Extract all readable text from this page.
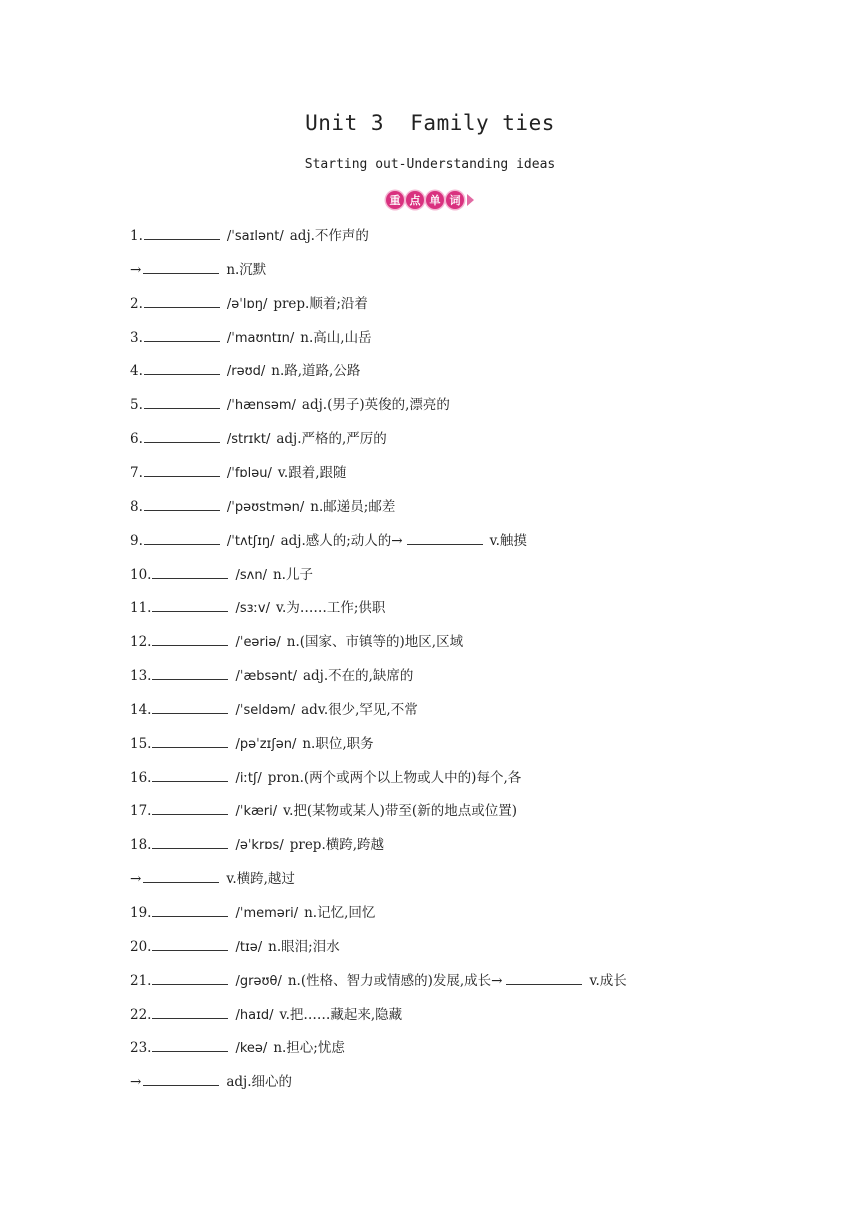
Unit 3  Family ties
Starting out-Understanding ideas
重 点 单 词
1.	/ˈsaɪlənt/ adj.不作声的
→	n.沉默
2.	/əˈlɒŋ/ prep.顺着;沿着
3.	/ˈmaʊntɪn/ n.高山,山岳
4.	/rəʊd/ n.路,道路,公路
5.	/ˈhænsəm/ adj.(男子)英俊的,漂亮的
6.	/strɪkt/ adj.严格的,严厉的
7.	/ˈfɒləu/ v.跟着,跟随
8.	/ˈpəʊstmən/ n.邮递员;邮差
9.	/ˈtʌtʃɪŋ/ adj.感人的;动人的→	v.触摸
10.	/sʌn/ n.儿子
11.	/sɜːv/ v.为……工作;供职
12.	/ˈeəriə/ n.(国家、市镇等的)地区,区域
13.	/ˈæbsənt/ adj.不在的,缺席的
14.	/ˈseldəm/ adv.很少,罕见,不常
15.	/pəˈzɪʃən/ n.职位,职务
16.	/iːtʃ/ pron.(两个或两个以上物或人中的)每个,各
17.	/ˈkæri/ v.把(某物或某人)带至(新的地点或位置)
18.	/əˈkrɒs/ prep.横跨,跨越
→	v.横跨,越过
19.	/ˈmeməri/ n.记忆,回忆
20.	/tɪə/ n.眼泪;泪水
21.	/grəʊθ/ n.(性格、智力或情感的)发展,成长→	v.成长
22.	/haɪd/ v.把……藏起来,隐藏
23.	/keə/ n.担心;忧虑
→	adj.细心的
